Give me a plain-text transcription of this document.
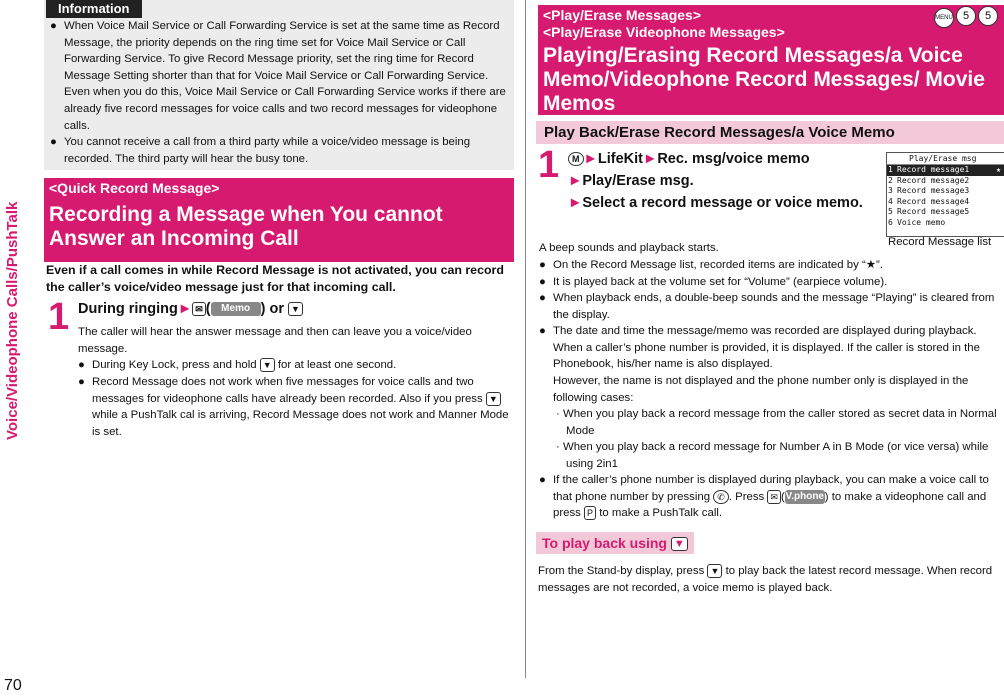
Voice/Videophone Calls/PushTalk
70
Information
● When Voice Mail Service or Call Forwarding Service is set at the same time as Record Message, the priority depends on the ring time set for Voice Mail Service or Call Forwarding Service. To give Record Message priority, set the ring time for Record Message Setting shorter than that for Voice Mail Service or Call Forwarding Service. Even when you do this, Voice Mail Service or Call Forwarding Service works if there are already five record messages for voice calls and two record messages for videophone calls.
● You cannot receive a call from a third party while a voice/video message is being recorded. The third party will hear the busy tone.
<Quick Record Message>
Recording a Message when You cannot Answer an Incoming Call
Even if a call comes in while Record Message is not activated, you can record the caller’s voice/video message just for that incoming call.
1 During ringing► ✉ ( Memo ) or ▼
The caller will hear the answer message and then can leave you a voice/video message.
● During Key Lock, press and hold ▼ for at least one second.
● Record Message does not work when five messages for voice calls and two messages for videophone calls have already been recorded. Also if you press ▼ while a PushTalk cal is arriving, Record Message does not work and Manner Mode is set.
<Play/Erase Messages>
<Play/Erase Videophone Messages>
Playing/Erasing Record Messages/a Voice Memo/Videophone Record Messages/ Movie Memos
MENU 5 5
Play Back/Erase Record Messages/a Voice Memo
1	M ►LifeKit►Rec. msg/voice memo
►Play/Erase msg.
►Select a record message or voice memo.
Play/Erase msg
1 Record message1	★
2 Record message2
3 Record message3
4 Record message4
5 Record message5
6 Voice memo
Record Message list
A beep sounds and playback starts.
● On the Record Message list, recorded items are indicated by “★”.
● It is played back at the volume set for “Volume” (earpiece volume).
● When playback ends, a double-beep sounds and the message “Playing” is cleared from the display.
● The date and time the message/memo was recorded are displayed during playback. When a caller’s phone number is provided, it is displayed. If the caller is stored in the Phonebook, his/her name is also displayed.
However, the name is not displayed and the phone number only is displayed in the following cases:
· When you play back a record message from the caller stored as secret data in Normal Mode
· When you play back a record message for Number A in B Mode (or vice versa) while using 2in1
● If the caller’s phone number is displayed during playback, you can make a voice call to that phone number by pressing ✆ . Press ✉ (V.phone) to make a videophone call and press P to make a PushTalk call.
To play back using ▼
From the Stand-by display, press ▼ to play back the latest record message. When record messages are not recorded, a voice memo is played back.
